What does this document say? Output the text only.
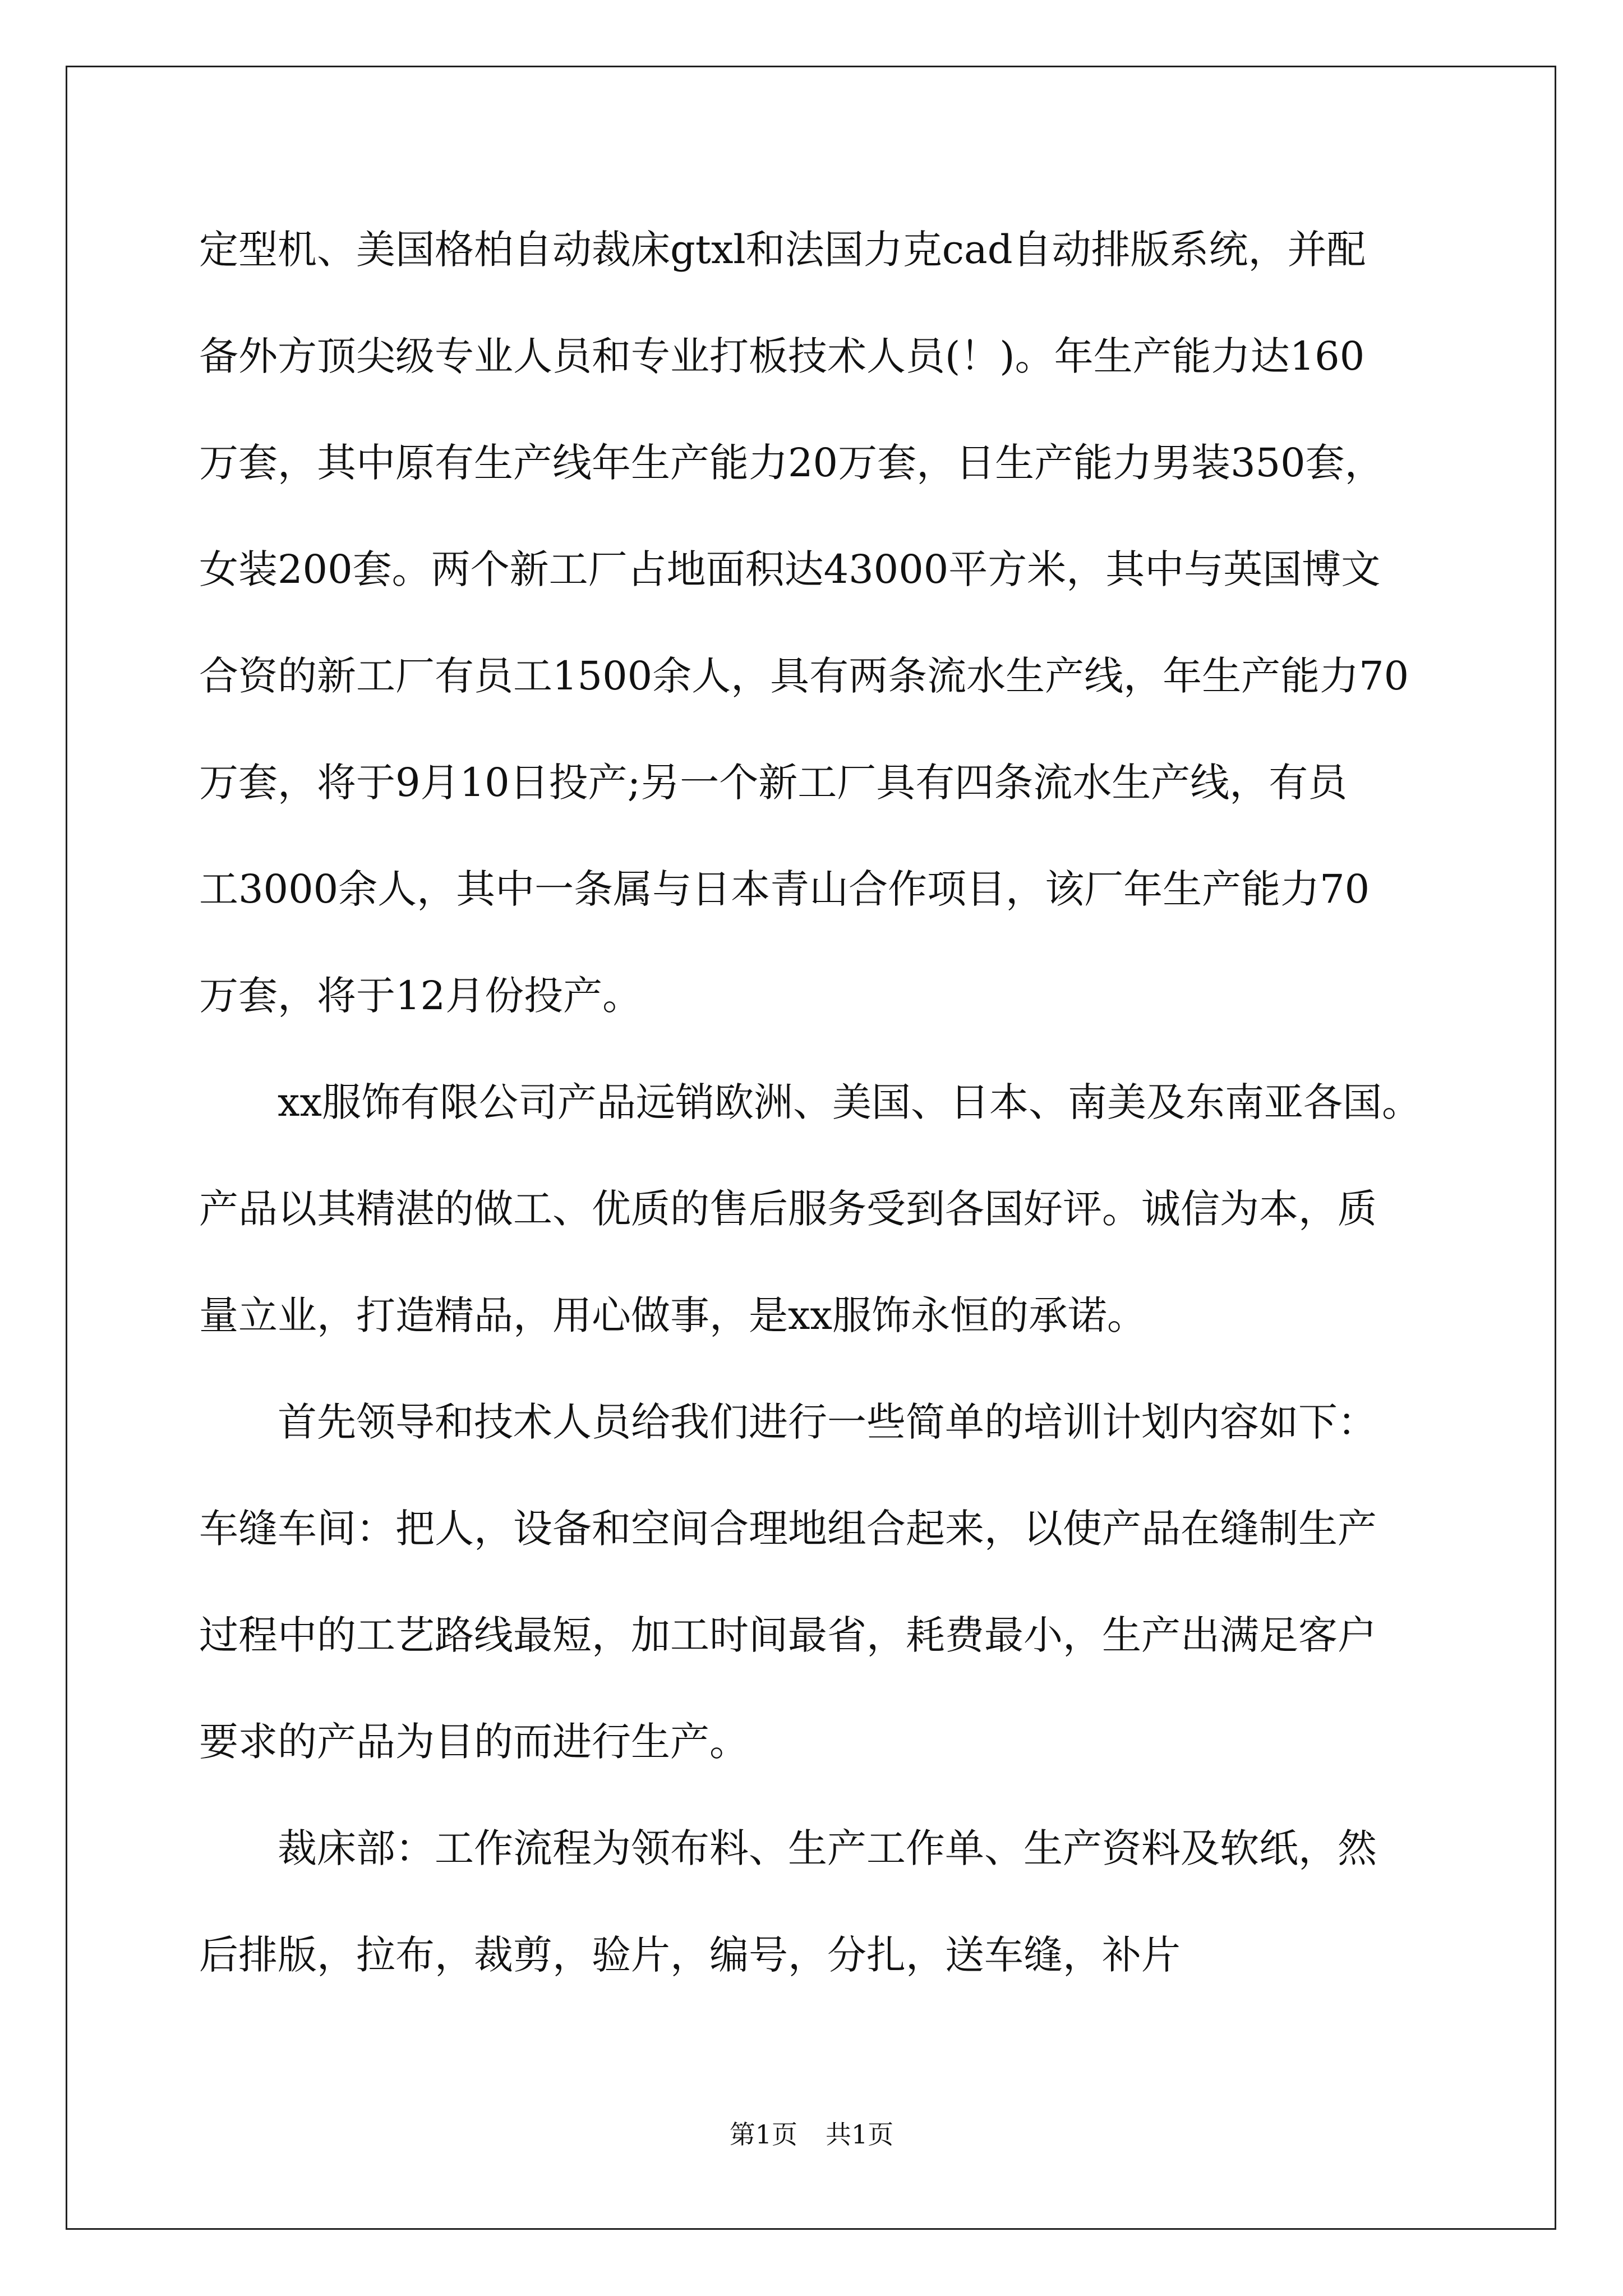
定型机、美国格柏自动裁床gtxl和法国力克cad自动排版系统，并配
备外方顶尖级专业人员和专业打板技术人员(！)。年生产能力达160
万套，其中原有生产线年生产能力20万套，日生产能力男装350套，
女装200套。两个新工厂占地面积达43000平方米，其中与英国博文
合资的新工厂有员工1500余人，具有两条流水生产线，年生产能力70
万套，将于9月10日投产;另一个新工厂具有四条流水生产线，有员
工3000余人，其中一条属与日本青山合作项目，该厂年生产能力70
万套，将于12月份投产。
　　xx服饰有限公司产品远销欧洲、美国、日本、南美及东南亚各国。
产品以其精湛的做工、优质的售后服务受到各国好评。诚信为本，质
量立业，打造精品，用心做事，是xx服饰永恒的承诺。
　　首先领导和技术人员给我们进行一些简单的培训计划内容如下：
车缝车间：把人，设备和空间合理地组合起来，以使产品在缝制生产
过程中的工艺路线最短，加工时间最省，耗费最小，生产出满足客户
要求的产品为目的而进行生产。
　　裁床部：工作流程为领布料、生产工作单、生产资料及软纸，然
后排版，拉布，裁剪，验片，编号，分扎，送车缝，补片
第1页 共1页
